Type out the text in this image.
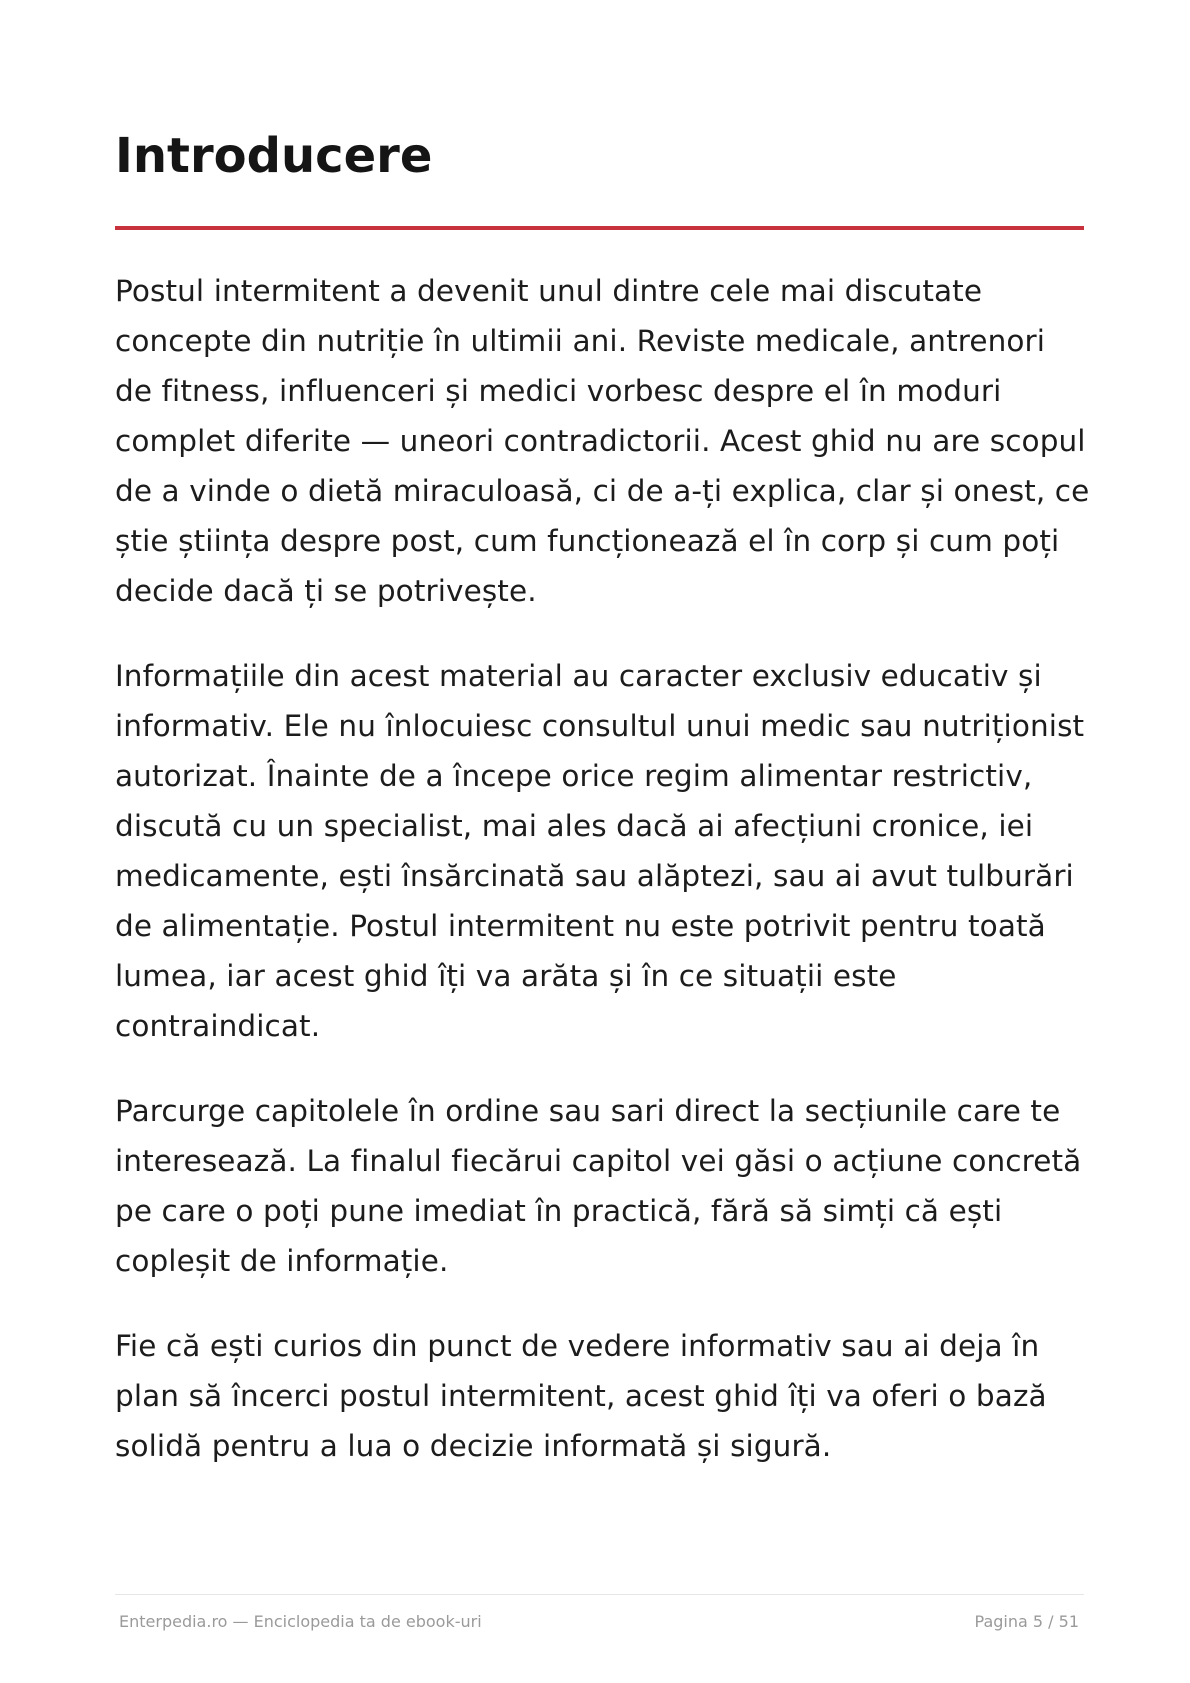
Introducere

Postul intermitent a devenit unul dintre cele mai discutate concepte din nutriție în ultimii ani. Reviste medicale, antrenori de fitness, influenceri și medici vorbesc despre el în moduri complet diferite — uneori contradictorii. Acest ghid nu are scopul de a vinde o dietă miraculoasă, ci de a-ți explica, clar și onest, ce știe știința despre post, cum funcționează el în corp și cum poți decide dacă ți se potrivește.

Informațiile din acest material au caracter exclusiv educativ și informativ. Ele nu înlocuiesc consultul unui medic sau nutriționist autorizat. Înainte de a începe orice regim alimentar restrictiv, discută cu un specialist, mai ales dacă ai afecțiuni cronice, iei medicamente, ești însărcinată sau alăptezi, sau ai avut tulburări de alimentație. Postul intermitent nu este potrivit pentru toată lumea, iar acest ghid îți va arăta și în ce situații este contraindicat.

Parcurge capitolele în ordine sau sari direct la secțiunile care te interesează. La finalul fiecărui capitol vei găsi o acțiune concretă pe care o poți pune imediat în practică, fără să simți că ești copleșit de informație.

Fie că ești curios din punct de vedere informativ sau ai deja în plan să încerci postul intermitent, acest ghid îți va oferi o bază solidă pentru a lua o decizie informată și sigură.

Enterpedia.ro — Enciclopedia ta de ebook-uri	Pagina 5 / 51
